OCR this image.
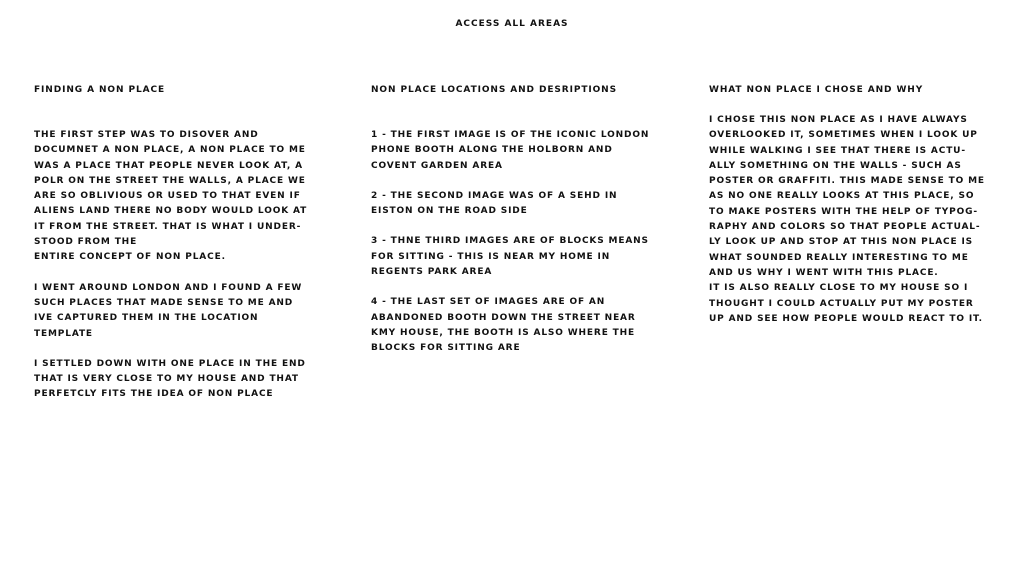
ACCESS ALL AREAS
FINDING A NON PLACE

THE FIRST STEP WAS TO DISOVER AND
DOCUMNET A NON PLACE, A NON PLACE TO ME
WAS A PLACE THAT PEOPLE NEVER LOOK AT, A
POLR ON THE STREET THE WALLS, A PLACE WE
ARE SO OBLIVIOUS OR USED TO THAT EVEN IF
ALIENS LAND THERE NO BODY WOULD LOOK AT
IT FROM THE STREET. THAT IS WHAT I UNDER-
STOOD FROM THE
ENTIRE CONCEPT OF NON PLACE.

I WENT AROUND LONDON AND I FOUND A FEW
SUCH PLACES THAT MADE SENSE TO ME AND
IVE CAPTURED THEM IN THE LOCATION
TEMPLATE

I SETTLED DOWN WITH ONE PLACE IN THE END
THAT IS VERY CLOSE TO MY HOUSE AND THAT
PERFETCLY FITS THE IDEA OF NON PLACE

NON PLACE LOCATIONS AND DESRIPTIONS

1 - THE FIRST IMAGE IS OF THE ICONIC LONDON
PHONE BOOTH ALONG THE HOLBORN AND
COVENT GARDEN AREA

2 - THE SECOND IMAGE WAS OF A SEHD IN
EISTON ON THE ROAD SIDE

3 - THNE THIRD IMAGES ARE OF BLOCKS MEANS
FOR SITTING - THIS IS NEAR MY HOME IN
REGENTS PARK AREA

4 - THE LAST SET OF IMAGES ARE OF AN
ABANDONED BOOTH DOWN THE STREET NEAR
KMY HOUSE, THE BOOTH IS ALSO WHERE THE
BLOCKS FOR SITTING ARE

WHAT NON PLACE I CHOSE AND WHY

I CHOSE THIS NON PLACE AS I HAVE ALWAYS
OVERLOOKED IT, SOMETIMES WHEN I LOOK UP
WHILE WALKING I SEE THAT THERE IS ACTU-
ALLY SOMETHING ON THE WALLS - SUCH AS
POSTER OR GRAFFITI. THIS MADE SENSE TO ME
AS NO ONE REALLY LOOKS AT THIS PLACE, SO
TO MAKE POSTERS WITH THE HELP OF TYPOG-
RAPHY AND COLORS SO THAT PEOPLE ACTUAL-
LY LOOK UP AND STOP AT THIS NON PLACE IS
WHAT SOUNDED REALLY INTERESTING TO ME
AND US WHY I WENT WITH THIS PLACE.
IT IS ALSO REALLY CLOSE TO MY HOUSE SO I
THOUGHT I COULD ACTUALLY PUT MY POSTER
UP AND SEE HOW PEOPLE WOULD REACT TO IT.
